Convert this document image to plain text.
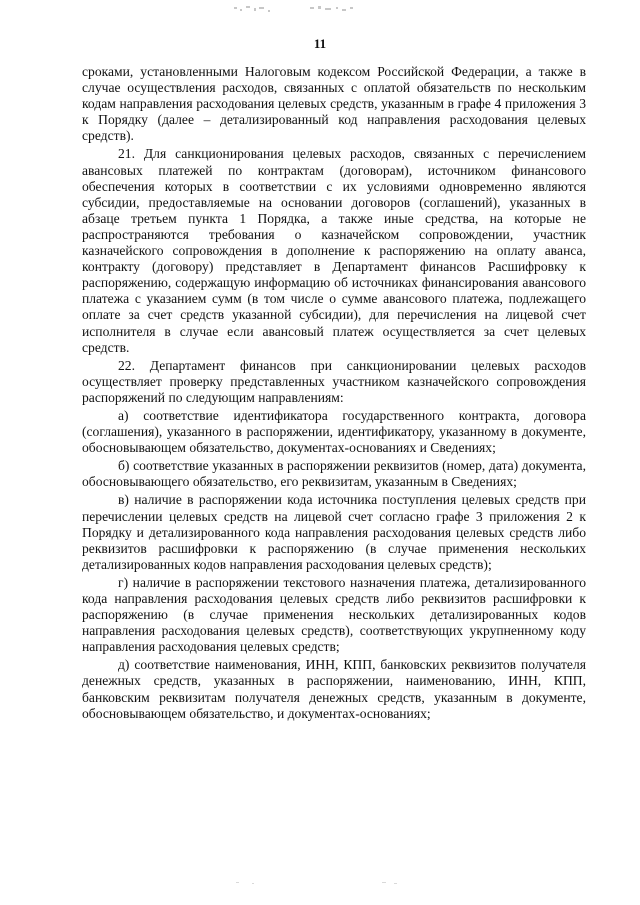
11

сроками, установленными Налоговым кодексом Российской Федерации, а также в случае осуществления расходов, связанных с оплатой обязательств по нескольким кодам направления расходования целевых средств, указанным в графе 4 приложения 3 к Порядку (далее – детализированный код направления расходования целевых средств).

21. Для санкционирования целевых расходов, связанных с перечислением авансовых платежей по контрактам (договорам), источником финансового обеспечения которых в соответствии с их условиями одновременно являются субсидии, предоставляемые на основании договоров (соглашений), указанных в абзаце третьем пункта 1 Порядка, а также иные средства, на которые не распространяются требования о казначейском сопровождении, участник казначейского сопровождения в дополнение к распоряжению на оплату аванса, контракту (договору) представляет в Департамент финансов Расшифровку к распоряжению, содержащую информацию об источниках финансирования авансового платежа с указанием сумм (в том числе о сумме авансового платежа, подлежащего оплате за счет средств указанной субсидии), для перечисления на лицевой счет исполнителя в случае если авансовый платеж осуществляется за счет целевых средств.

22. Департамент финансов при санкционировании целевых расходов осуществляет проверку представленных участником казначейского сопровождения распоряжений по следующим направлениям:

а) соответствие идентификатора государственного контракта, договора (соглашения), указанного в распоряжении, идентификатору, указанному в документе, обосновывающем обязательство, документах-основаниях и Сведениях;

б) соответствие указанных в распоряжении реквизитов (номер, дата) документа, обосновывающего обязательство, его реквизитам, указанным в Сведениях;

в) наличие в распоряжении кода источника поступления целевых средств при перечислении целевых средств на лицевой счет согласно графе 3 приложения 2 к Порядку и детализированного кода направления расходования целевых средств либо реквизитов расшифровки к распоряжению (в случае применения нескольких детализированных кодов направления расходования целевых средств);

г) наличие в распоряжении текстового назначения платежа, детализированного кода направления расходования целевых средств либо реквизитов расшифровки к распоряжению (в случае применения нескольких детализированных кодов направления расходования целевых средств), соответствующих укрупненному коду направления расходования целевых средств;

д) соответствие наименования, ИНН, КПП, банковских реквизитов получателя денежных средств, указанных в распоряжении, наименованию, ИНН, КПП, банковским реквизитам получателя денежных средств, указанным в документе, обосновывающем обязательство, и документах-основаниях;
